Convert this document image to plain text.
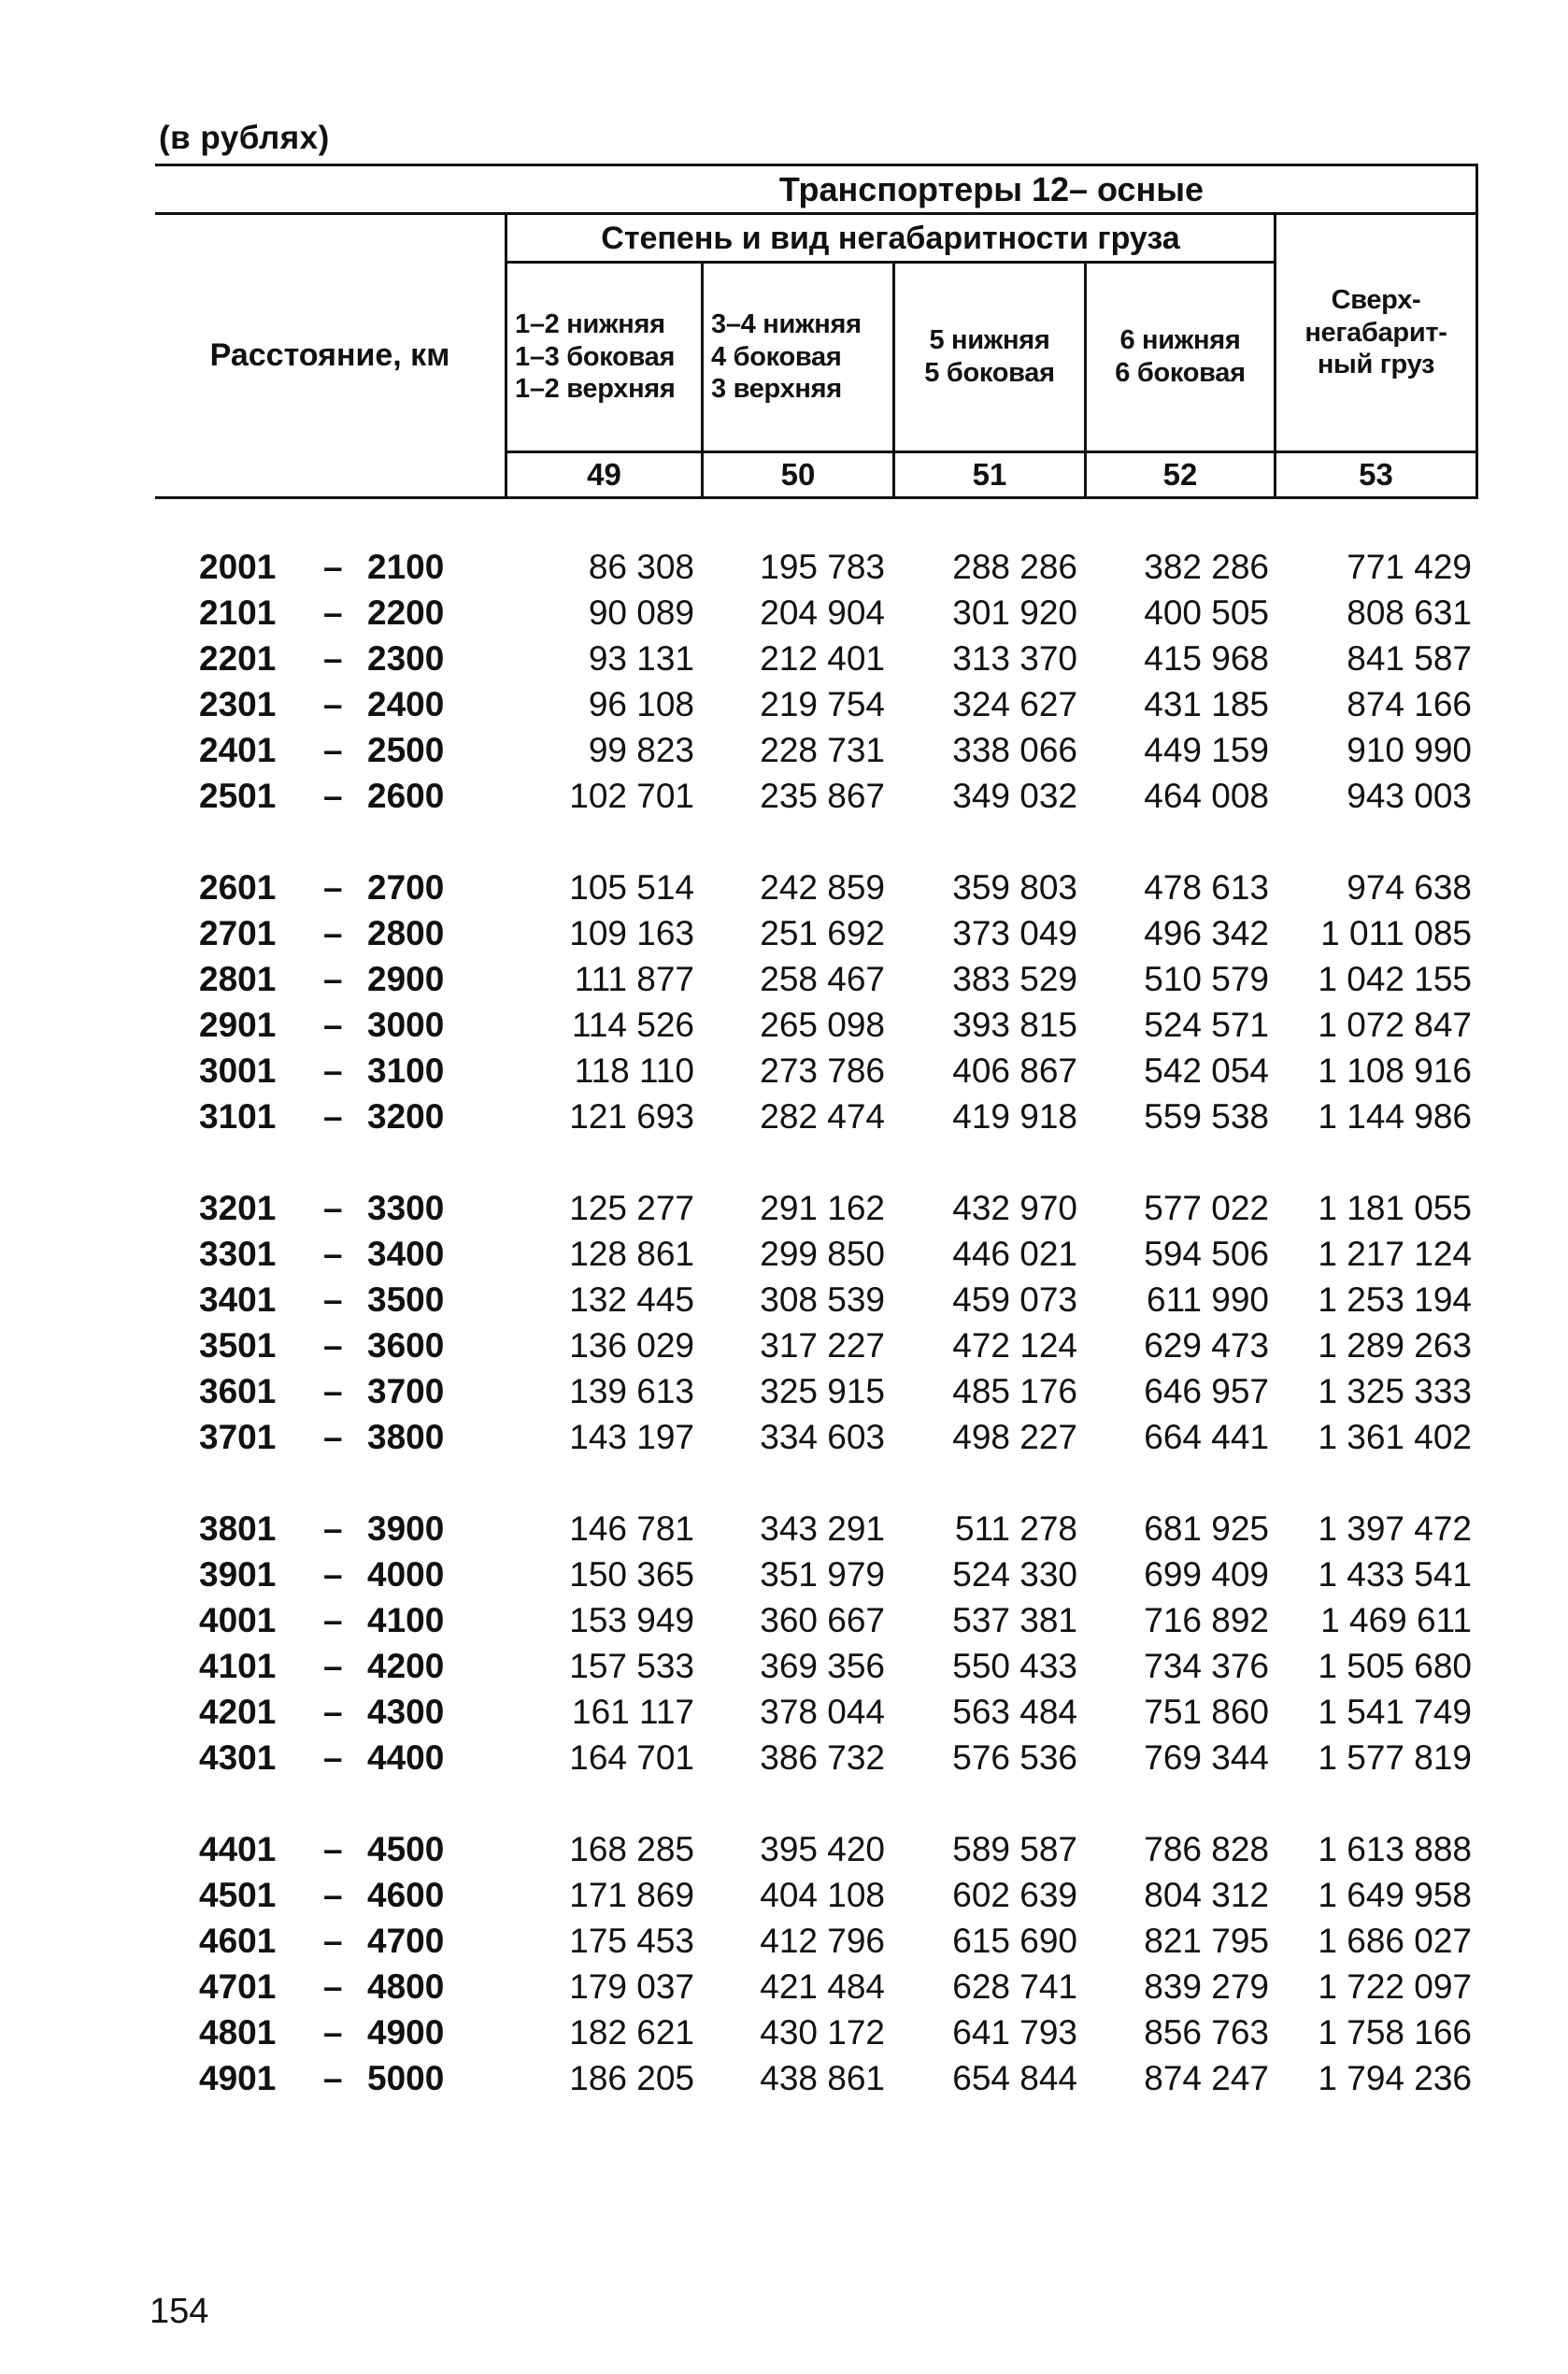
(в рублях)
Транспортеры 12– осные
Степень и вид негабаритности груза
Расстояние, км
1–2 нижняя
1–3 боковая
1–2 верхняя
3–4 нижняя
4 боковая
3 верхняя
5 нижняя
5 боковая
6 нижняя
6 боковая
Сверх-
негабарит-
ный груз
49	50	51	52	53
2001	– 2100	86 308	195 783	288 286	382 286	771 429
2101	– 2200	90 089	204 904	301 920	400 505	808 631
2201	– 2300	93 131	212 401	313 370	415 968	841 587
2301	– 2400	96 108	219 754	324 627	431 185	874 166
2401	– 2500	99 823	228 731	338 066	449 159	910 990
2501	– 2600	102 701	235 867	349 032	464 008	943 003
2601	– 2700	105 514	242 859	359 803	478 613	974 638
2701	– 2800	109 163	251 692	373 049	496 342	1 011 085
2801	– 2900	111 877	258 467	383 529	510 579	1 042 155
2901	– 3000	114 526	265 098	393 815	524 571	1 072 847
3001	– 3100	118 110	273 786	406 867	542 054	1 108 916
3101	– 3200	121 693	282 474	419 918	559 538	1 144 986
3201	– 3300	125 277	291 162	432 970	577 022	1 181 055
3301	– 3400	128 861	299 850	446 021	594 506	1 217 124
3401	– 3500	132 445	308 539	459 073	611 990	1 253 194
3501	– 3600	136 029	317 227	472 124	629 473	1 289 263
3601	– 3700	139 613	325 915	485 176	646 957	1 325 333
3701	– 3800	143 197	334 603	498 227	664 441	1 361 402
3801	– 3900	146 781	343 291	511 278	681 925	1 397 472
3901	– 4000	150 365	351 979	524 330	699 409	1 433 541
4001	– 4100	153 949	360 667	537 381	716 892	1 469 611
4101	– 4200	157 533	369 356	550 433	734 376	1 505 680
4201	– 4300	161 117	378 044	563 484	751 860	1 541 749
4301	– 4400	164 701	386 732	576 536	769 344	1 577 819
4401	– 4500	168 285	395 420	589 587	786 828	1 613 888
4501	– 4600	171 869	404 108	602 639	804 312	1 649 958
4601	– 4700	175 453	412 796	615 690	821 795	1 686 027
4701	– 4800	179 037	421 484	628 741	839 279	1 722 097
4801	– 4900	182 621	430 172	641 793	856 763	1 758 166
4901	– 5000	186 205	438 861	654 844	874 247	1 794 236
154
